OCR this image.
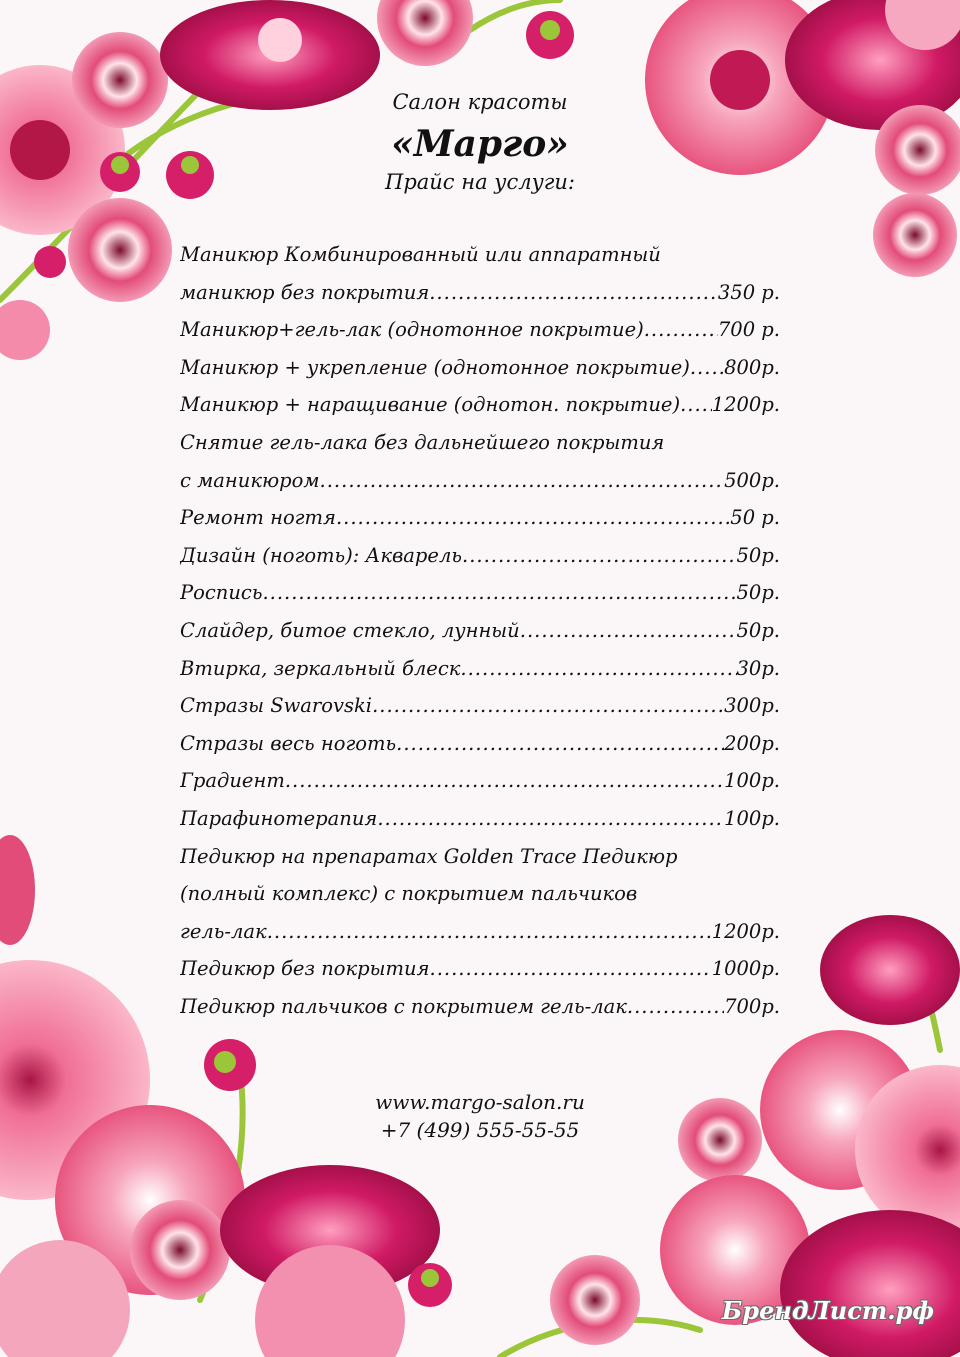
Салон красоты
«Марго»
Прайс на услуги:
Маникюр Комбинированный или аппаратный
маникюр без покрытия .....	350 р.
Маникюр+гель-лак (однотонное покрытие) .....	700 р.
Маникюр + укрепление (однотонное покрытие) ..... 800р.
Маникюр + наращивание (однотон. покрытие) ..... 1200р.
Снятие гель-лака без дальнейшего покрытия
с маникюром .....	500р.
Ремонт ногтя .....	50 р.
Дизайн (ноготь): Акварель .....	50р.
Роспись .....	50р.
Слайдер, битое стекло, лунный .....	50р.
Втирка, зеркальный блеск .....	30р.
Стразы Swarovski .....	300р.
Стразы весь ноготь .....	200р.
Градиент .....	100р.
Парафинотерапия .....	100р.
Педикюр на препаратах Golden Trace Педикюр
(полный комплекс) с покрытием пальчиков
гель-лак .....	1200р.
Педикюр без покрытия .....	1000р.
Педикюр пальчиков с покрытием гель-лак .....	700р.
www.margo-salon.ru
+7 (499) 555-55-55
БрендЛист.рф
